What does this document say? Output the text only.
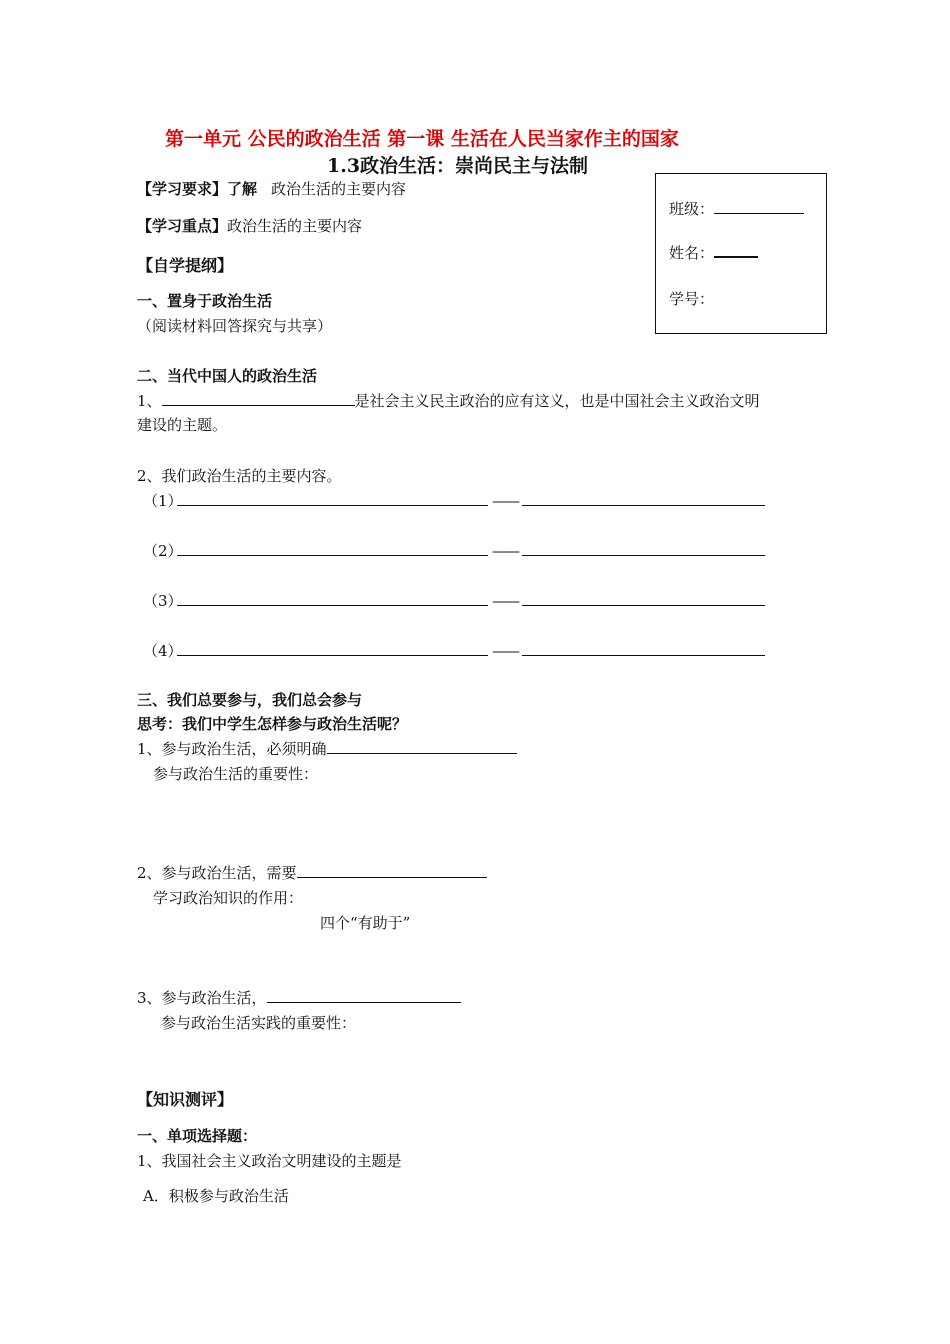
第一单元 公民的政治生活 第一课 生活在人民当家作主的国家
1.3政治生活：崇尚民主与法制
班级：
姓名：
学号：
【学习要求】了解 政治生活的主要内容
【学习重点】政治生活的主要内容
【自学提纲】
一、置身于政治生活
（阅读材料回答探究与共享）
二、当代中国人的政治生活
1、	是社会主义民主政治的应有这义，也是中国社会主义政治文明
建设的主题。
2、我们政治生活的主要内容。
（1）	——
（2）	——
（3）	——
（4）	——
三、我们总要参与，我们总会参与
思考：我们中学生怎样参与政治生活呢？
1、参与政治生活，必须明确
参与政治生活的重要性：
2、参与政治生活，需要
学习政治知识的作用：
四个“有助于”
3、参与政治生活，
参与政治生活实践的重要性：
【知识测评】
一、单项选择题：
1、我国社会主义政治文明建设的主题是
A．积极参与政治生活
